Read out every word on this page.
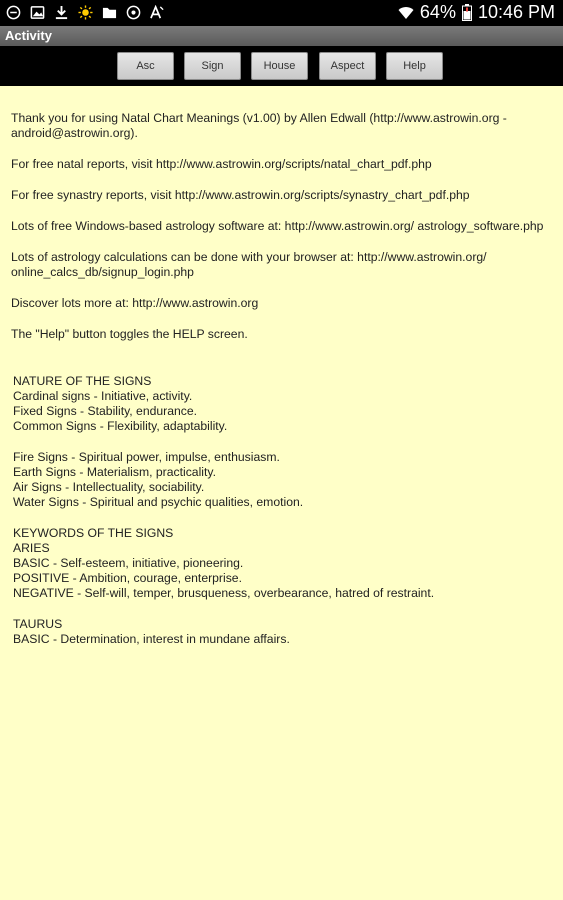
64% 10:46 PM
Activity
Asc	Sign	House	Aspect	Help

Thank you for using Natal Chart Meanings (v1.00) by Allen Edwall (http://www.astrowin.org - android@astrowin.org).

For free natal reports, visit http://www.astrowin.org/scripts/natal_chart_pdf.php

For free synastry reports, visit http://www.astrowin.org/scripts/synastry_chart_pdf.php

Lots of free Windows-based astrology software at: http://www.astrowin.org/ astrology_software.php

Lots of astrology calculations can be done with your browser at: http://www.astrowin.org/ online_calcs_db/signup_login.php

Discover lots more at: http://www.astrowin.org

The "Help" button toggles the HELP screen.

NATURE OF THE SIGNS

Cardinal signs - Initiative, activity.

Fixed Signs - Stability, endurance.

Common Signs - Flexibility, adaptability.

Fire Signs - Spiritual power, impulse, enthusiasm.

Earth Signs - Materialism, practicality.

Air Signs - Intellectuality, sociability.

Water Signs - Spiritual and psychic qualities, emotion.

KEYWORDS OF THE SIGNS

ARIES

BASIC - Self-esteem, initiative, pioneering.

POSITIVE - Ambition, courage, enterprise.

NEGATIVE - Self-will, temper, brusqueness, overbearance, hatred of restraint.

TAURUS

BASIC - Determination, interest in mundane affairs.
